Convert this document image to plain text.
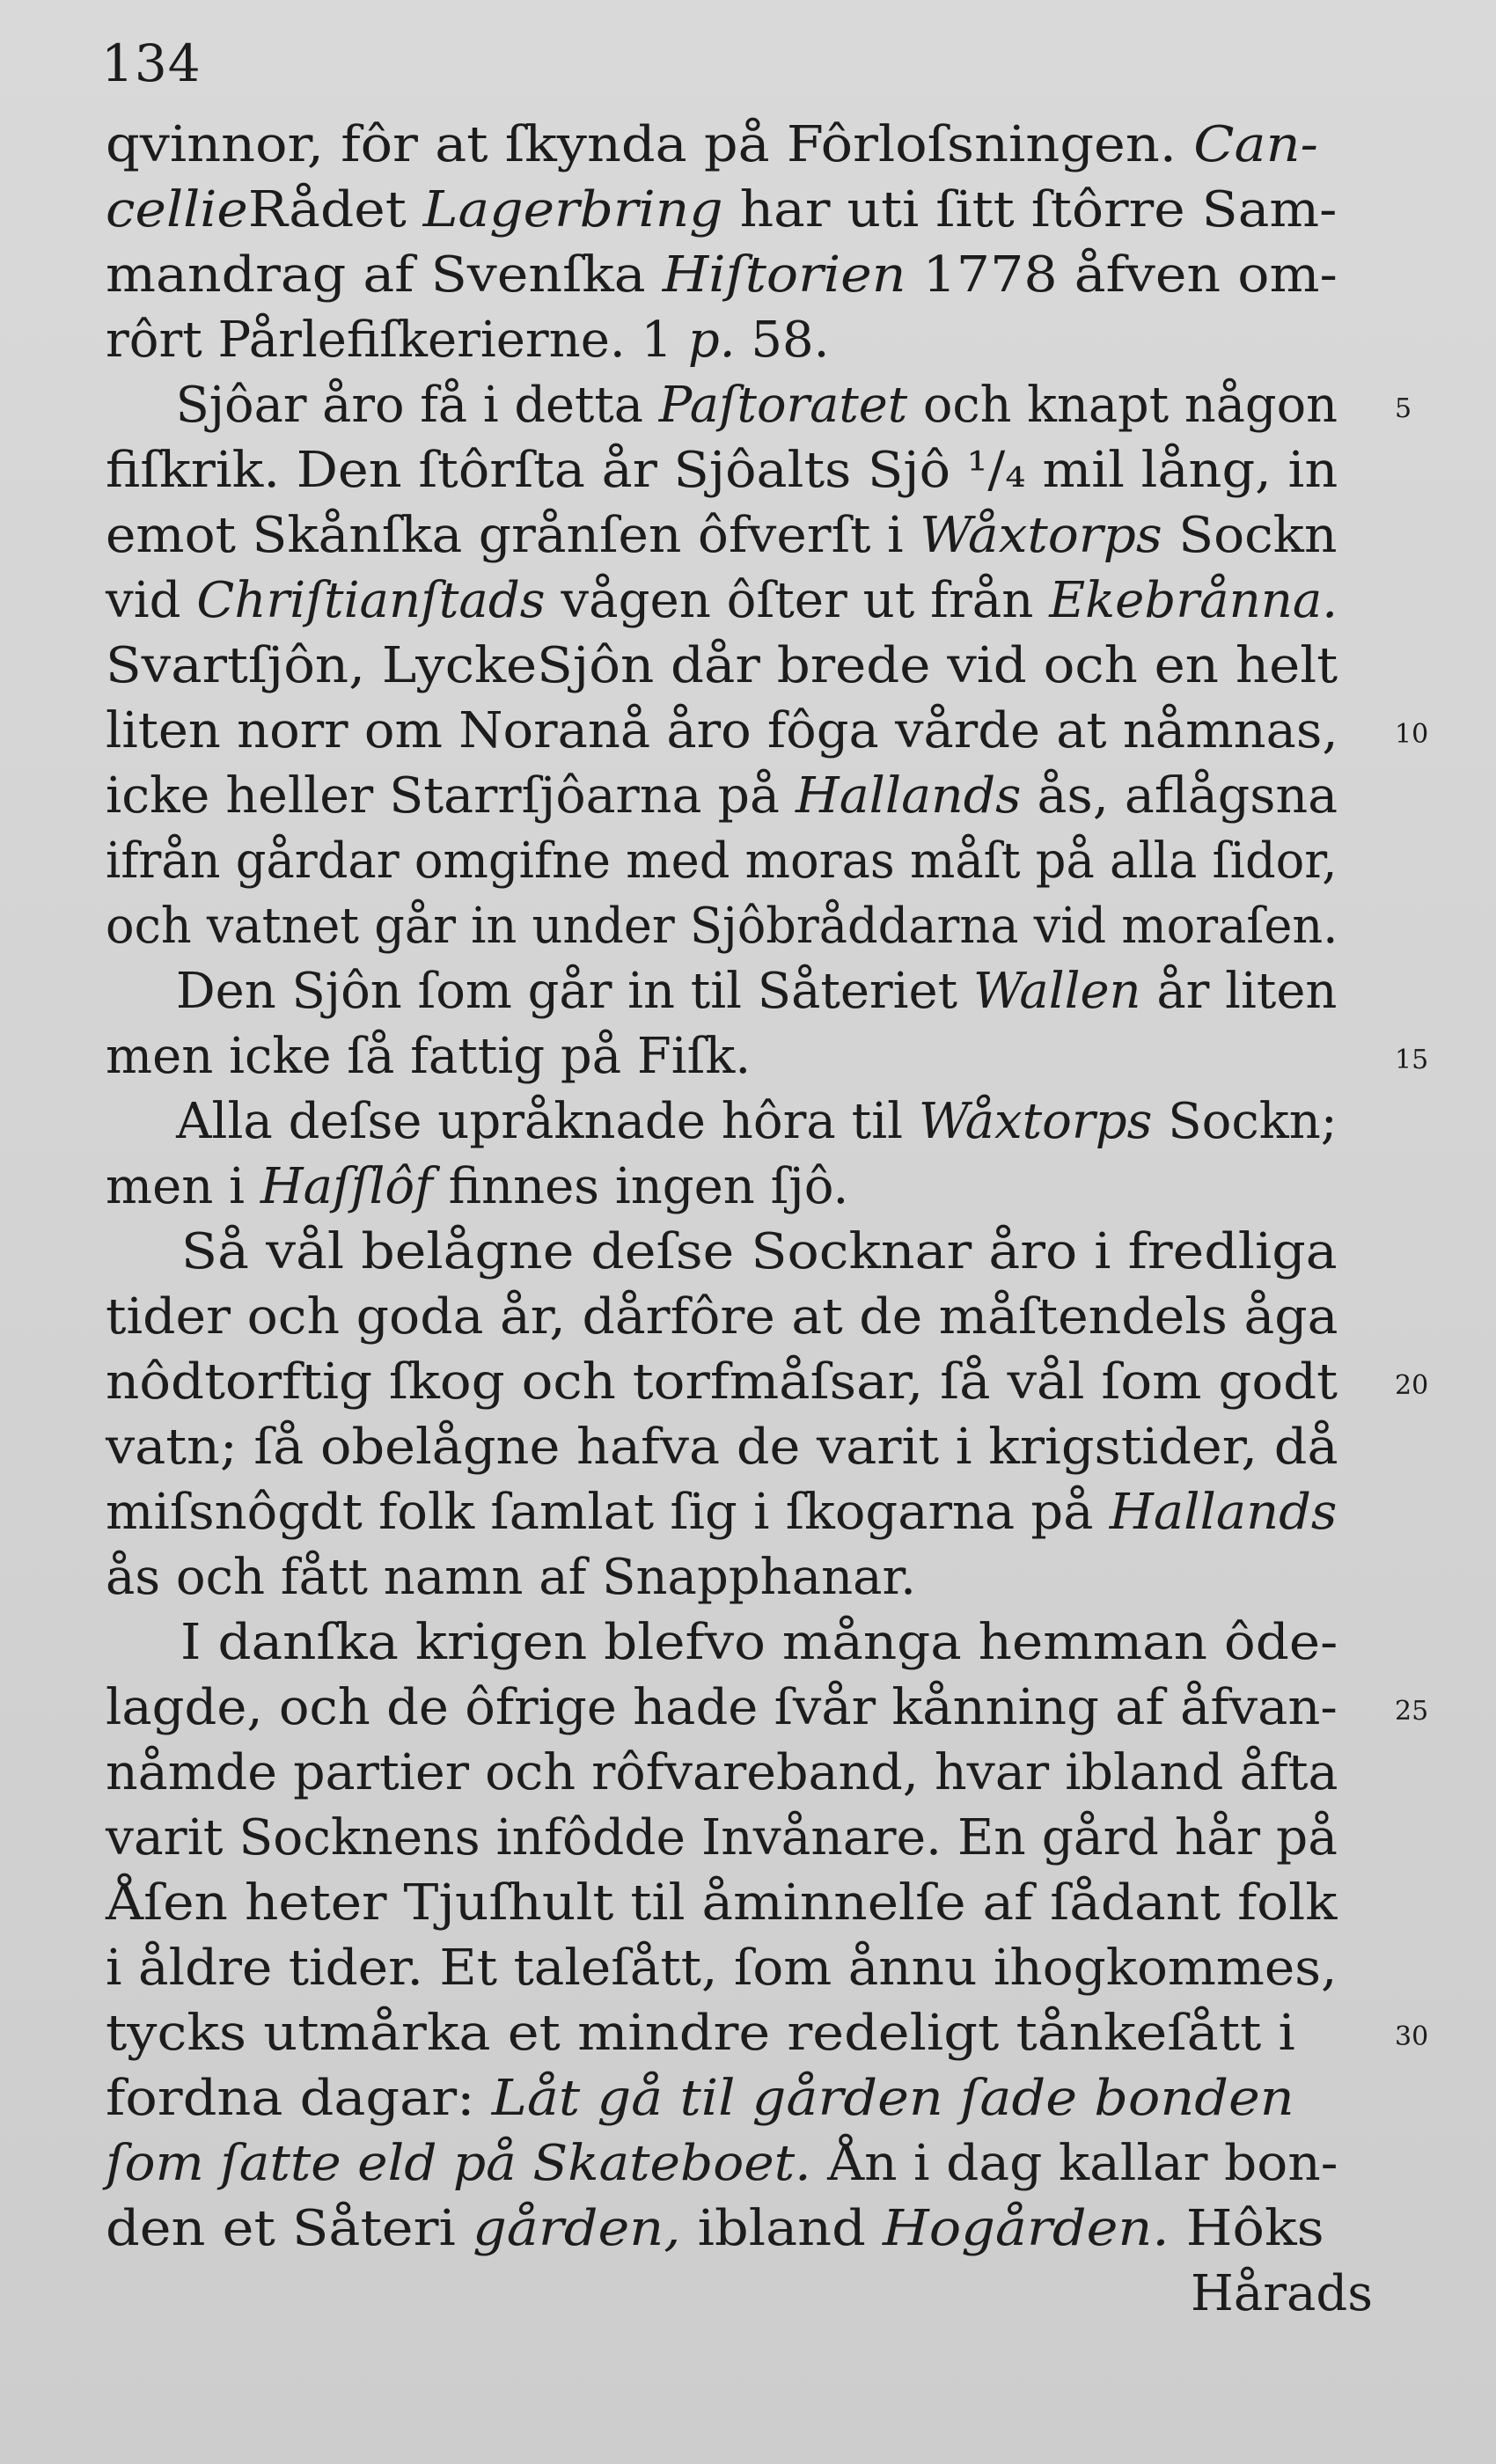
134
qvinnor, fôr at ſkynda på Fôrloſsningen. Can-
cellieRådet Lagerbring har uti ſitt ſtôrre Sam-
mandrag af Svenſka Hiſtorien 1778 åfven om-
rôrt Pårlefiſkerierne. 1 p. 58.
Sjôar åro få i detta Paſtoratet och knapt någon 5
fiſkrik. Den ſtôrſta år Sjôalts Sjô ¹/₄ mil lång, in
emot Skånſka grånſen ôfverſt i Wåxtorps Sockn
vid Chriſtianſtads vågen ôſter ut från Ekebrånna.
Svartſjôn, LyckeSjôn dår brede vid och en helt
liten norr om Noranå åro fôga vårde at nåmnas, 10
icke heller Starrſjôarna på Hallands ås, aflågsna
ifrån gårdar omgifne med moras måſt på alla ſidor,
och vatnet går in under Sjôbråddarna vid moraſen.
Den Sjôn ſom går in til Såteriet Wallen år liten
men icke ſå fattig på Fiſk.	15
Alla deſse upråknade hôra til Wåxtorps Sockn;
men i Haſſlôf finnes ingen ſjô.
Så vål belågne deſse Socknar åro i fredliga
tider och goda år, dårfôre at de måſtendels åga
nôdtorftig ſkog och torfmåſsar, ſå vål ſom godt 20
vatn; ſå obelågne hafva de varit i krigstider, då
miſsnôgdt folk ſamlat ſig i ſkogarna på Hallands
ås och fått namn af Snapphanar.
I danſka krigen blefvo många hemman ôde-
lagde, och de ôfrige hade ſvår kånning af åfvan- 25
nåmde partier och rôfvareband, hvar ibland åfta
varit Socknens infôdde Invånare. En gård hår på
Åſen heter Tjuſhult til åminnelſe af ſådant folk
i åldre tider. Et taleſått, ſom ånnu ihogkommes,
tycks utmårka et mindre redeligt tånkeſått i	30
fordna dagar: Låt gå til gården ſade bonden
ſom ſatte eld på Skateboet. Ån i dag kallar bon-
den et Såteri gården, ibland Hogården. Hôks
Hårads
